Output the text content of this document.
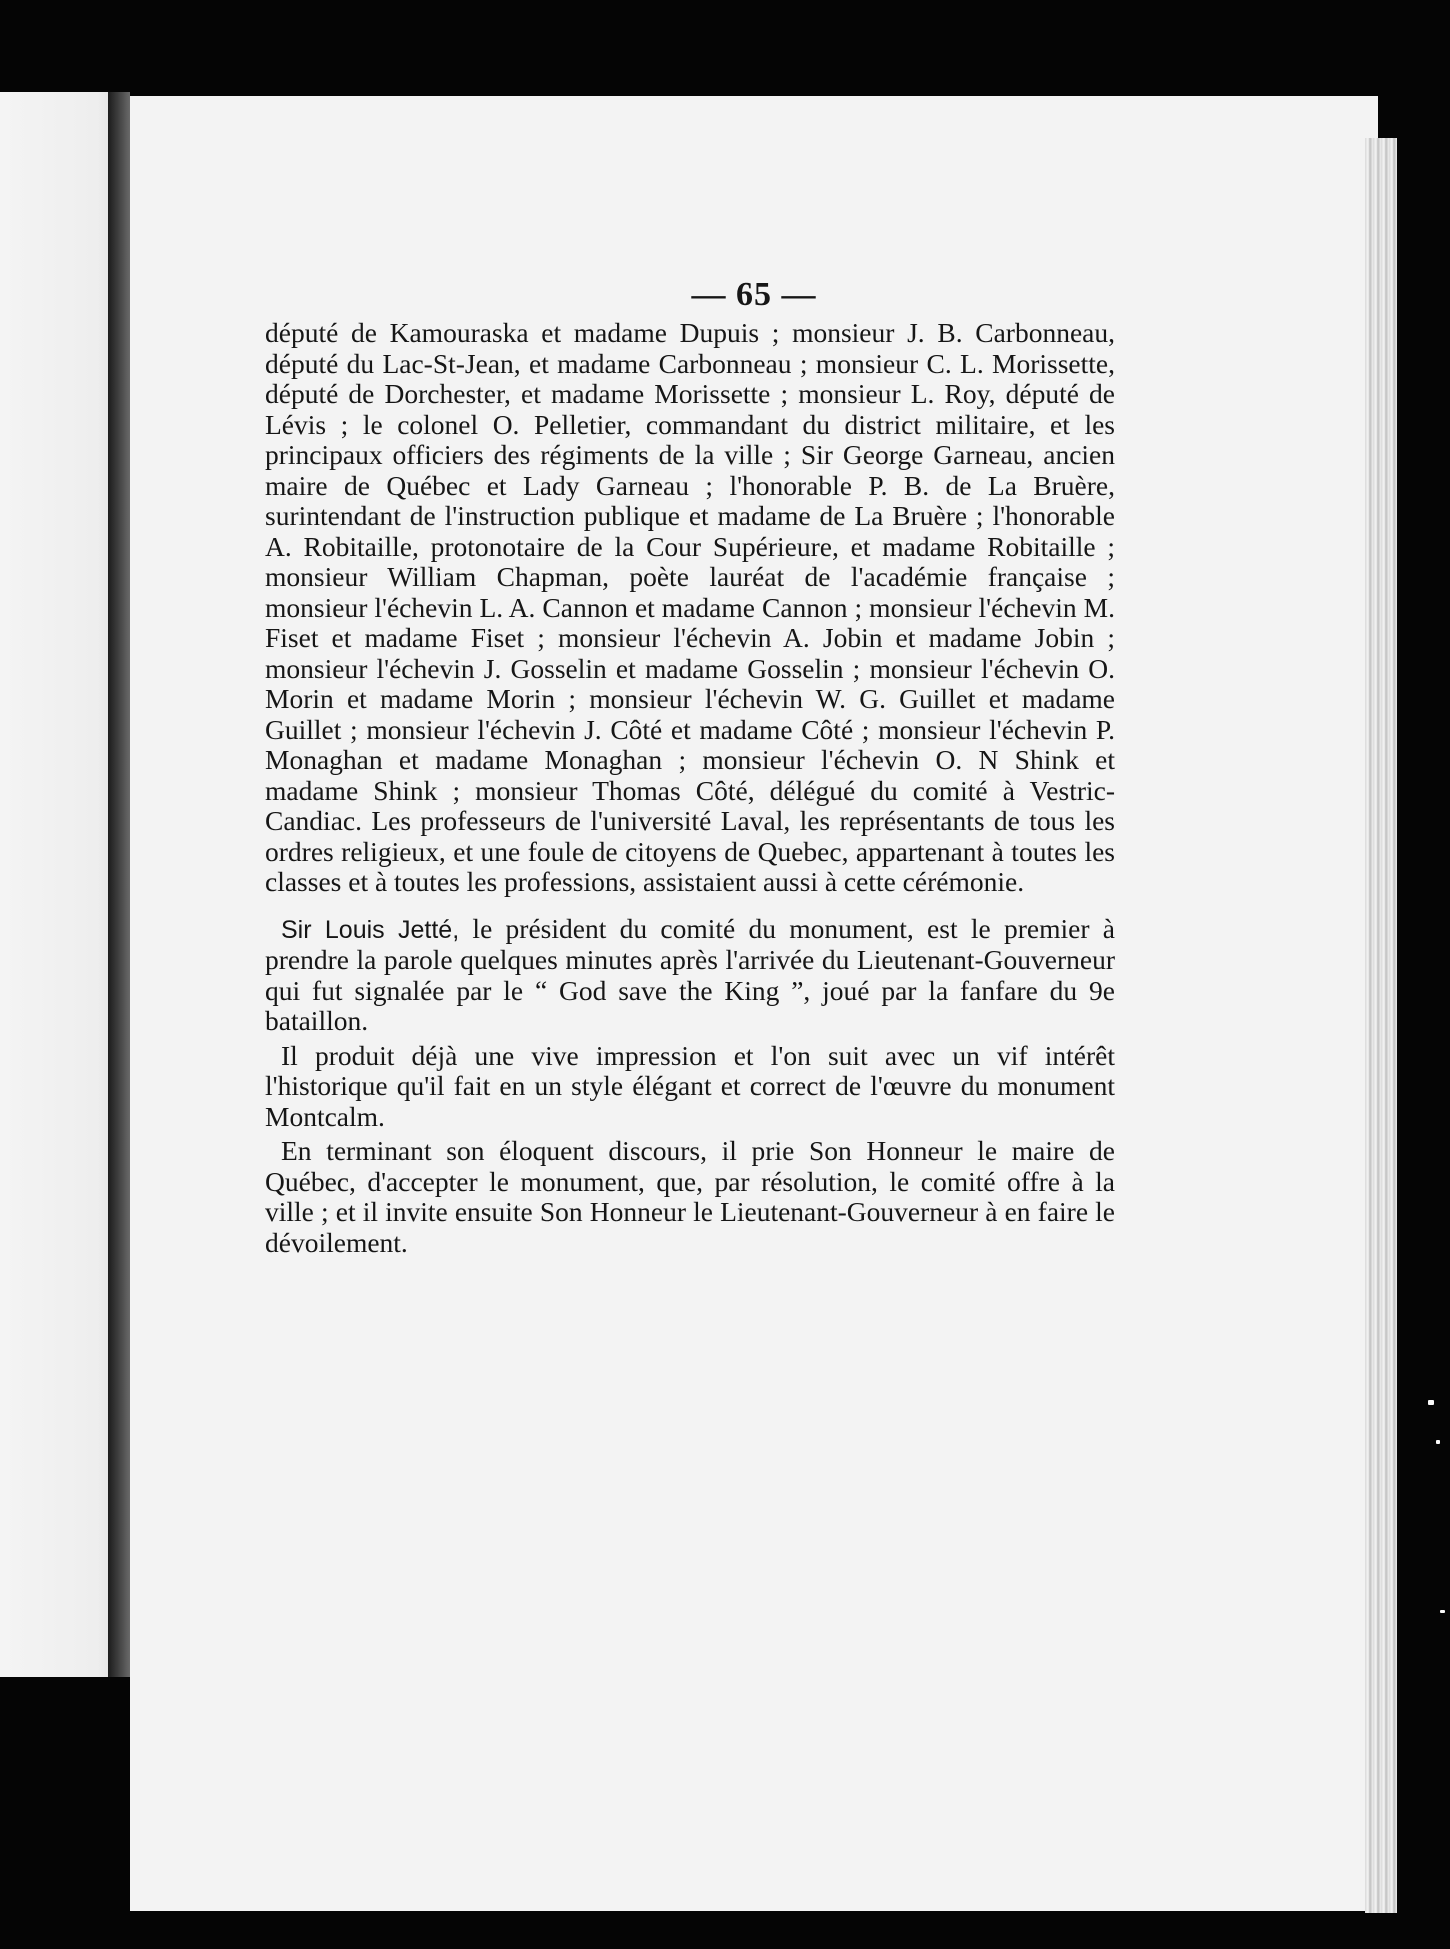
— 65 —

député de Kamouraska et madame Dupuis ; monsieur J. B. Carbonneau, député du Lac-St-Jean, et madame Carbonneau ; monsieur C. L. Morissette, député de Dorchester, et madame Morissette ; monsieur L. Roy, député de Lévis ; le colonel O. Pelletier, commandant du district militaire, et les principaux officiers des régiments de la ville ; Sir George Garneau, ancien maire de Québec et Lady Garneau ; l'honorable P. B. de La Bruère, surintendant de l'instruction publique et madame de La Bruère ; l'honorable A. Robitaille, protonotaire de la Cour Supérieure, et madame Robitaille ; monsieur William Chapman, poète lauréat de l'académie française ; monsieur l'échevin L. A. Cannon et madame Cannon ; monsieur l'échevin M. Fiset et madame Fiset ; monsieur l'échevin A. Jobin et madame Jobin ; monsieur l'échevin J. Gosselin et madame Gosselin ; monsieur l'échevin O. Morin et madame Morin ; monsieur l'échevin W. G. Guillet et madame Guillet ; monsieur l'échevin J. Côté et madame Côté ; monsieur l'échevin P. Monaghan et madame Monaghan ; monsieur l'échevin O. N Shink et madame Shink ; monsieur Thomas Côté, délégué du comité à Vestric-Candiac. Les professeurs de l'université Laval, les représentants de tous les ordres religieux, et une foule de citoyens de Quebec, appartenant à toutes les classes et à toutes les professions, assistaient aussi à cette cérémonie.

Sir Louis Jetté, le président du comité du monument, est le premier à prendre la parole quelques minutes après l'arrivée du Lieutenant-Gouverneur qui fut signalée par le “ God save the King ”, joué par la fanfare du 9e bataillon.

Il produit déjà une vive impression et l'on suit avec un vif intérêt l'historique qu'il fait en un style élégant et correct de l'œuvre du monument Montcalm.

En terminant son éloquent discours, il prie Son Honneur le maire de Québec, d'accepter le monument, que, par résolution, le comité offre à la ville ; et il invite ensuite Son Honneur le Lieutenant-Gouverneur à en faire le dévoilement.
